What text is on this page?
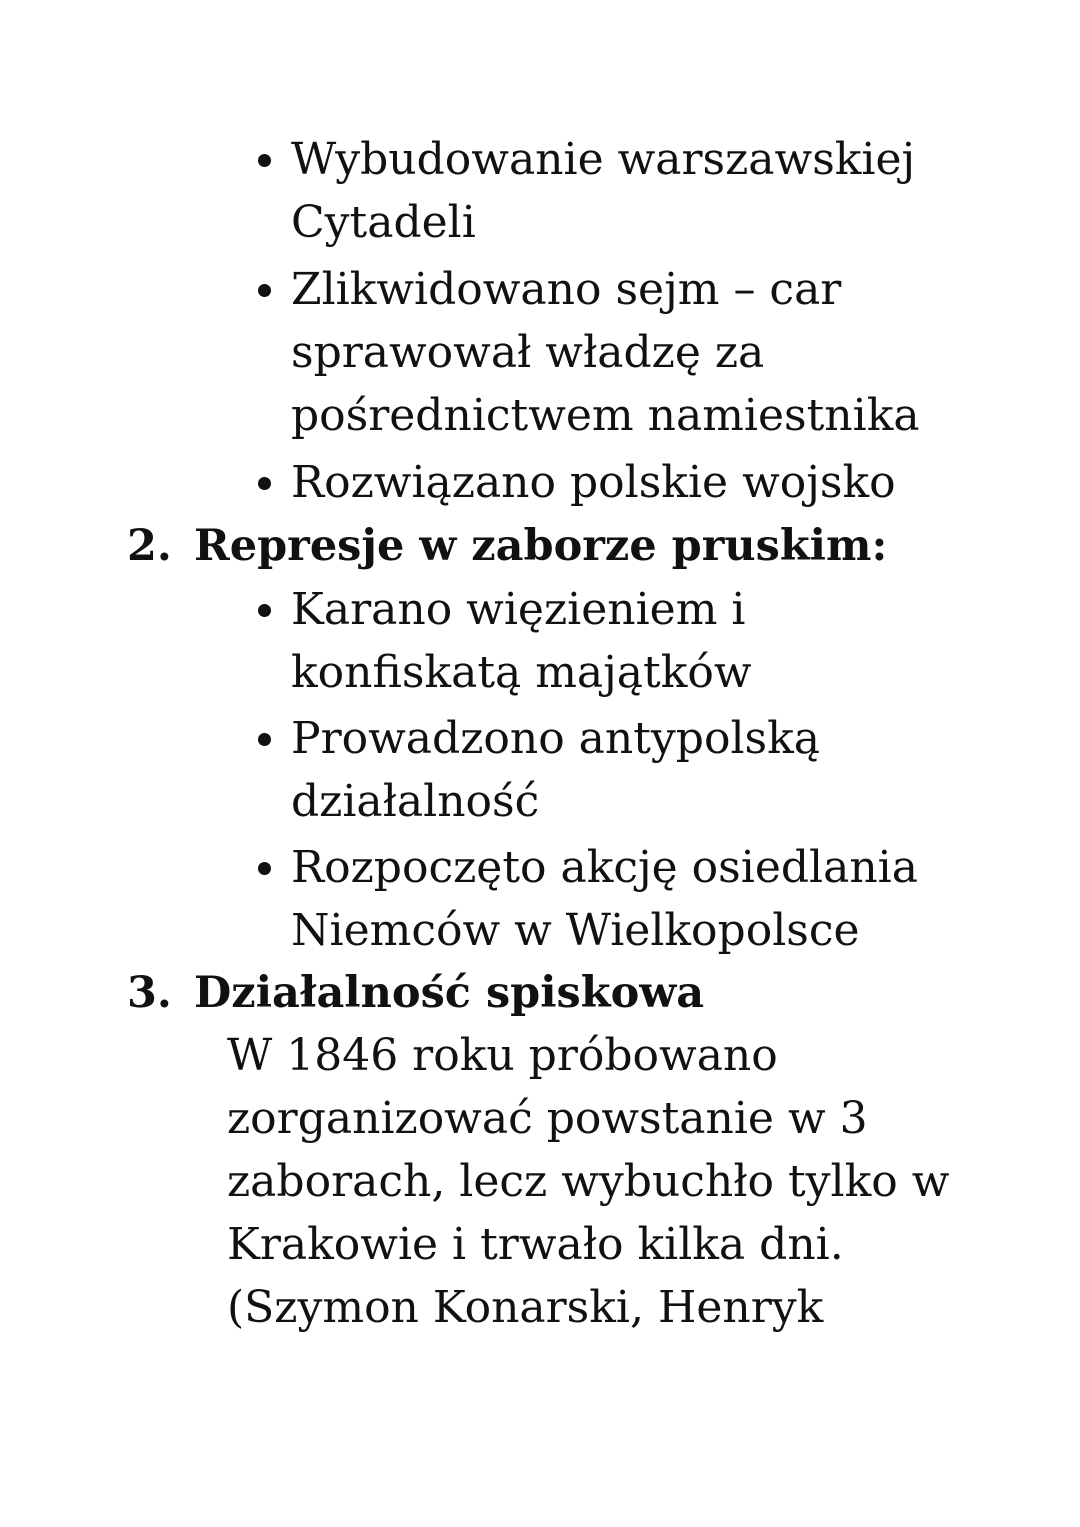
Wybudowanie warszawskiej
Cytadeli
Zlikwidowano sejm – car
sprawował władzę za
pośrednictwem namiestnika
Rozwiązano polskie wojsko
2. Represje w zaborze pruskim:
Karano więzieniem i
konfiskatą majątków
Prowadzono antypolską
działalność
Rozpoczęto akcję osiedlania
Niemców w Wielkopolsce
3. Działalność spiskowa
W 1846 roku próbowano
zorganizować powstanie w 3
zaborach, lecz wybuchło tylko w
Krakowie i trwało kilka dni.
(Szymon Konarski, Henryk
